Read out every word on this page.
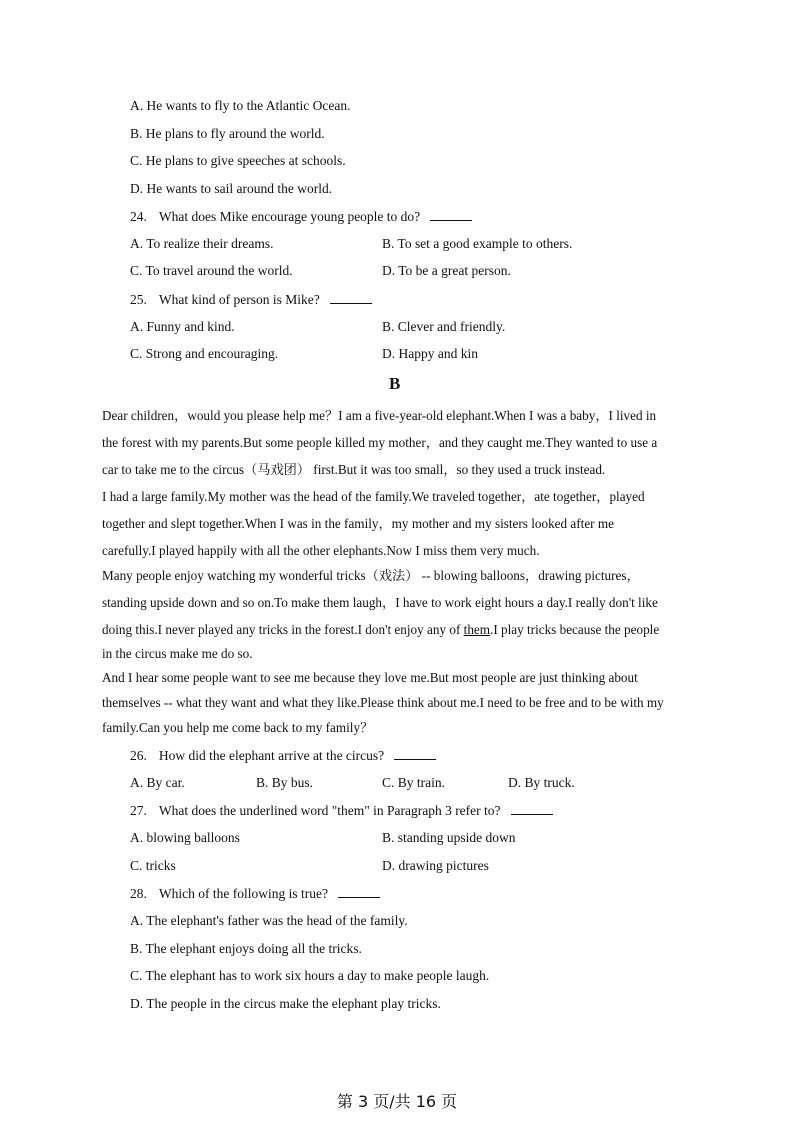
A. He wants to fly to the Atlantic Ocean.
B. He plans to fly around the world.
C. He plans to give speeches at schools.
D. He wants to sail around the world.
24. What does Mike encourage young people to do?
A. To realize their dreams.	B. To set a good example to others.
C. To travel around the world.	D. To be a great person.
25. What kind of person is Mike?
A. Funny and kind.	B. Clever and friendly.
C. Strong and encouraging.	D. Happy and kin
B
Dear children，would you please help me？I am a five-year-old elephant.When I was a baby，I lived in
the forest with my parents.But some people killed my mother，and they caught me.They wanted to use a
car to take me to the circus（马戏团） first.But it was too small，so they used a truck instead.
I had a large family.My mother was the head of the family.We traveled together，ate together，played
together and slept together.When I was in the family，my mother and my sisters looked after me
carefully.I played happily with all the other elephants.Now I miss them very much.
Many people enjoy watching my wonderful tricks（戏法） -- blowing balloons，drawing pictures，
standing upside down and so on.To make them laugh，I have to work eight hours a day.I really don't like
doing this.I never played any tricks in the forest.I don't enjoy any of them.I play tricks because the people
in the circus make me do so.
And I hear some people want to see me because they love me.But most people are just thinking about
themselves -- what they want and what they like.Please think about me.I need to be free and to be with my
family.Can you help me come back to my family？
26. How did the elephant arrive at the circus?
A. By car.	B. By bus.	C. By train.	D. By truck.
27. What does the underlined word "them" in Paragraph 3 refer to?
A. blowing balloons	B. standing upside down
C. tricks	D. drawing pictures
28. Which of the following is true?
A. The elephant's father was the head of the family.
B. The elephant enjoys doing all the tricks.
C. The elephant has to work six hours a day to make people laugh.
D. The people in the circus make the elephant play tricks.
第 3 页/共 16 页
